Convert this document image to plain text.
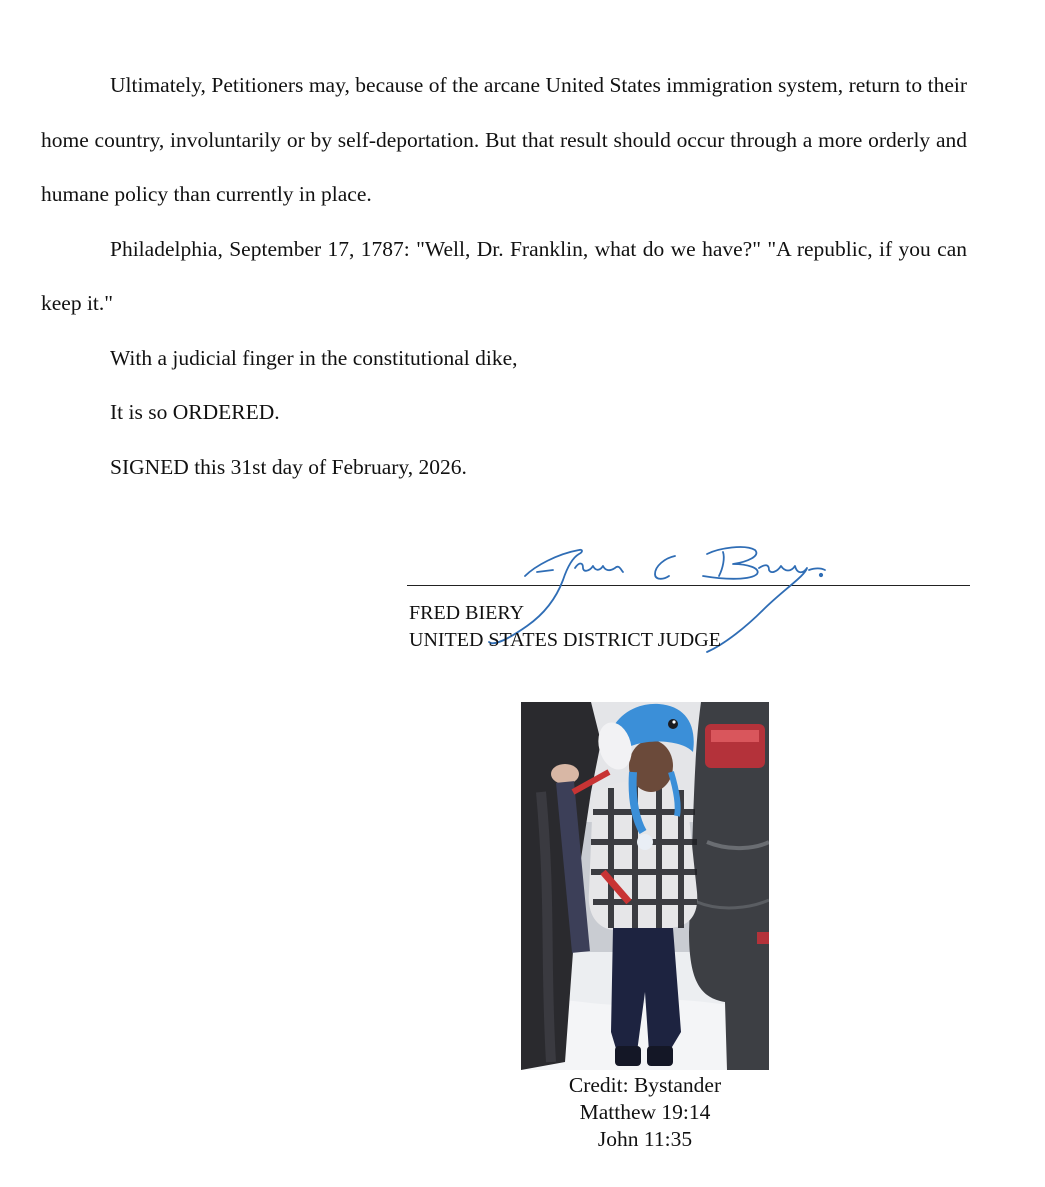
Ultimately, Petitioners may, because of the arcane United States immigration system, return to their home country, involuntarily or by self-deportation. But that result should occur through a more orderly and humane policy than currently in place.

Philadelphia, September 17, 1787: "Well, Dr. Franklin, what do we have?" "A republic, if you can keep it."

With a judicial finger in the constitutional dike,

It is so ORDERED.

SIGNED this 31st day of February, 2026.

FRED BIERY

UNITED STATES DISTRICT JUDGE

Credit: Bystander
Matthew 19:14
John 11:35
